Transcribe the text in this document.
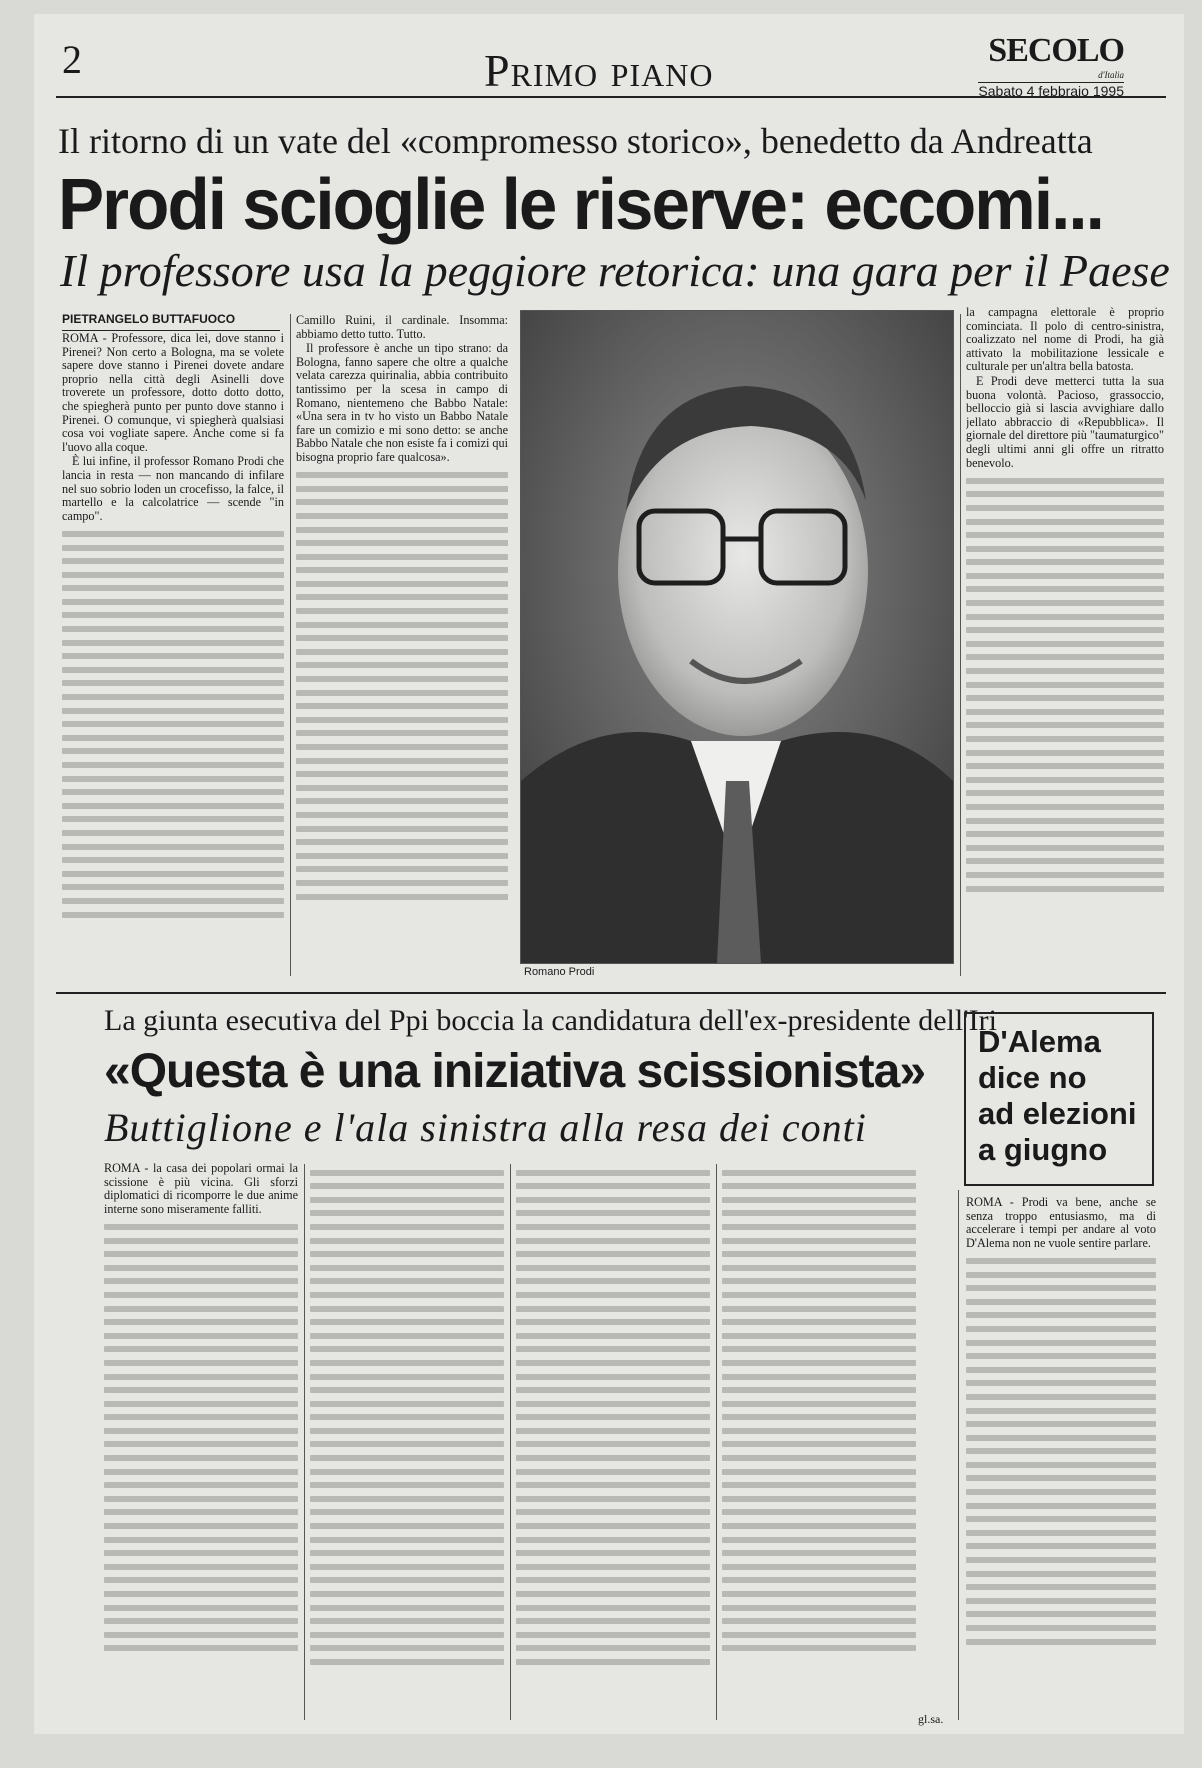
2	Primo piano	SECOLO
d'Italia
Sabato 4 febbraio 1995
Il ritorno di un vate del «compromesso storico», benedetto da Andreatta
Prodi scioglie le riserve: eccomi...
Il professore usa la peggiore retorica: una gara per il Paese
PIETRANGELO BUTTAFUOCO

ROMA - Professore, dica lei, dove stanno i Pirenei? Non certo a Bologna, ma se volete sapere dove stanno i Pirenei dovete andare proprio nella città degli Asinelli dove troverete un professore, dotto dotto dotto, che spiegherà punto per punto dove stanno i Pirenei. O comunque, vi spiegherà qualsiasi cosa voi vogliate sapere. Anche come si fa l'uovo alla coque.

È lui infine, il professor Romano Prodi che lancia in resta — non mancando di infilare nel suo sobrio loden un crocefisso, la falce, il martello e la calcolatrice — scende "in campo".

Camillo Ruini, il cardinale. Insomma: abbiamo detto tutto. Tutto.

Il professore è anche un tipo strano: da Bologna, fanno sapere che oltre a qualche velata carezza quirinalia, abbia contribuito tantissimo per la scesa in campo di Romano, nientemeno che Babbo Natale: «Una sera in tv ho visto un Babbo Natale fare un comizio e mi sono detto: se anche Babbo Natale che non esiste fa i comizi qui bisogna proprio fare qualcosa».

Romano Prodi

la campagna elettorale è proprio cominciata. Il polo di centro-sinistra, coalizzato nel nome di Prodi, ha già attivato la mobilitazione lessicale e culturale per un'altra bella batosta.

E Prodi deve metterci tutta la sua buona volontà. Pacioso, grassoccio, belloccio già si lascia avvighiare dallo jellato abbraccio di «Repubblica». Il giornale del direttore più "taumaturgico" degli ultimi anni gli offre un ritratto benevolo.

La giunta esecutiva del Ppi boccia la candidatura dell'ex-presidente dell'Iri
«Questa è una iniziativa scissionista»
Buttiglione e l'ala sinistra alla resa dei conti
D'Alema
dice no
ad elezioni
a giugno

ROMA - la casa dei popolari ormai la scissione è più vicina. Gli sforzi diplomatici di ricomporre le due anime interne sono miseramente falliti.

gl.sa.

ROMA - Prodi va bene, anche se senza troppo entusiasmo, ma di accelerare i tempi per andare al voto D'Alema non ne vuole sentire parlare.
